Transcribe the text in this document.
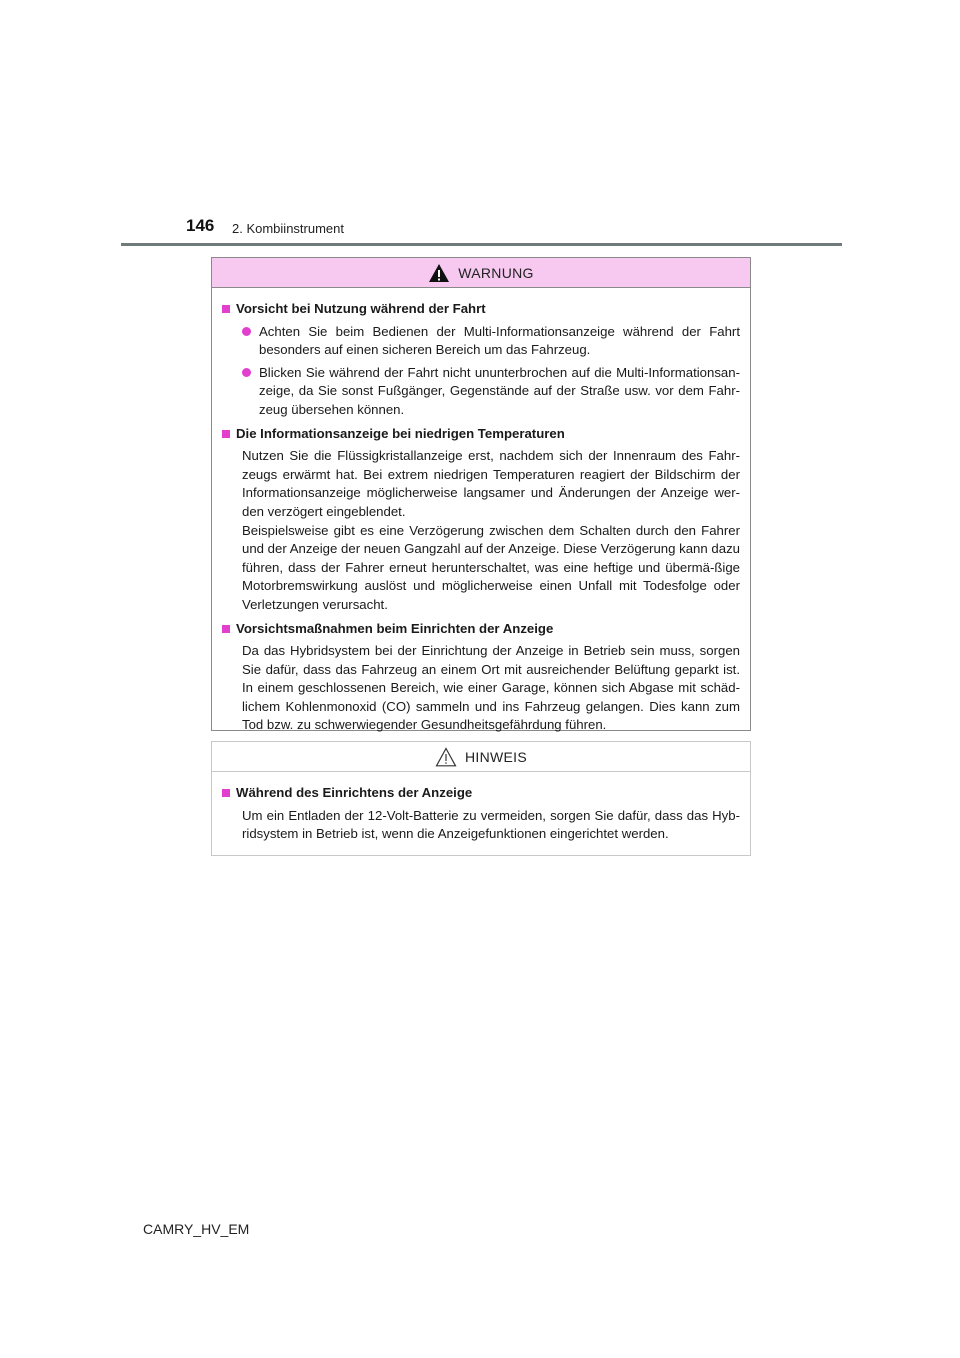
146 2. Kombiinstrument
WARNUNG
Vorsicht bei Nutzung während der Fahrt

Achten Sie beim Bedienen der Multi-Informationsanzeige während der Fahrt besonders auf einen sicheren Bereich um das Fahrzeug.

Blicken Sie während der Fahrt nicht ununterbrochen auf die Multi-Informationsan-zeige, da Sie sonst Fußgänger, Gegenstände auf der Straße usw. vor dem Fahr-zeug übersehen können.

Die Informationsanzeige bei niedrigen Temperaturen

Nutzen Sie die Flüssigkristallanzeige erst, nachdem sich der Innenraum des Fahr-zeugs erwärmt hat. Bei extrem niedrigen Temperaturen reagiert der Bildschirm der Informationsanzeige möglicherweise langsamer und Änderungen der Anzeige wer-den verzögert eingeblendet.

Beispielsweise gibt es eine Verzögerung zwischen dem Schalten durch den Fahrer und der Anzeige der neuen Gangzahl auf der Anzeige. Diese Verzögerung kann dazu führen, dass der Fahrer erneut herunterschaltet, was eine heftige und übermä-ßige Motorbremswirkung auslöst und möglicherweise einen Unfall mit Todesfolge oder Verletzungen verursacht.

Vorsichtsmaßnahmen beim Einrichten der Anzeige

Da das Hybridsystem bei der Einrichtung der Anzeige in Betrieb sein muss, sorgen Sie dafür, dass das Fahrzeug an einem Ort mit ausreichender Belüftung geparkt ist. In einem geschlossenen Bereich, wie einer Garage, können sich Abgase mit schäd-lichem Kohlenmonoxid (CO) sammeln und ins Fahrzeug gelangen. Dies kann zum Tod bzw. zu schwerwiegender Gesundheitsgefährdung führen.

HINWEIS
Während des Einrichtens der Anzeige

Um ein Entladen der 12-Volt-Batterie zu vermeiden, sorgen Sie dafür, dass das Hyb-ridsystem in Betrieb ist, wenn die Anzeigefunktionen eingerichtet werden.

CAMRY_HV_EM
